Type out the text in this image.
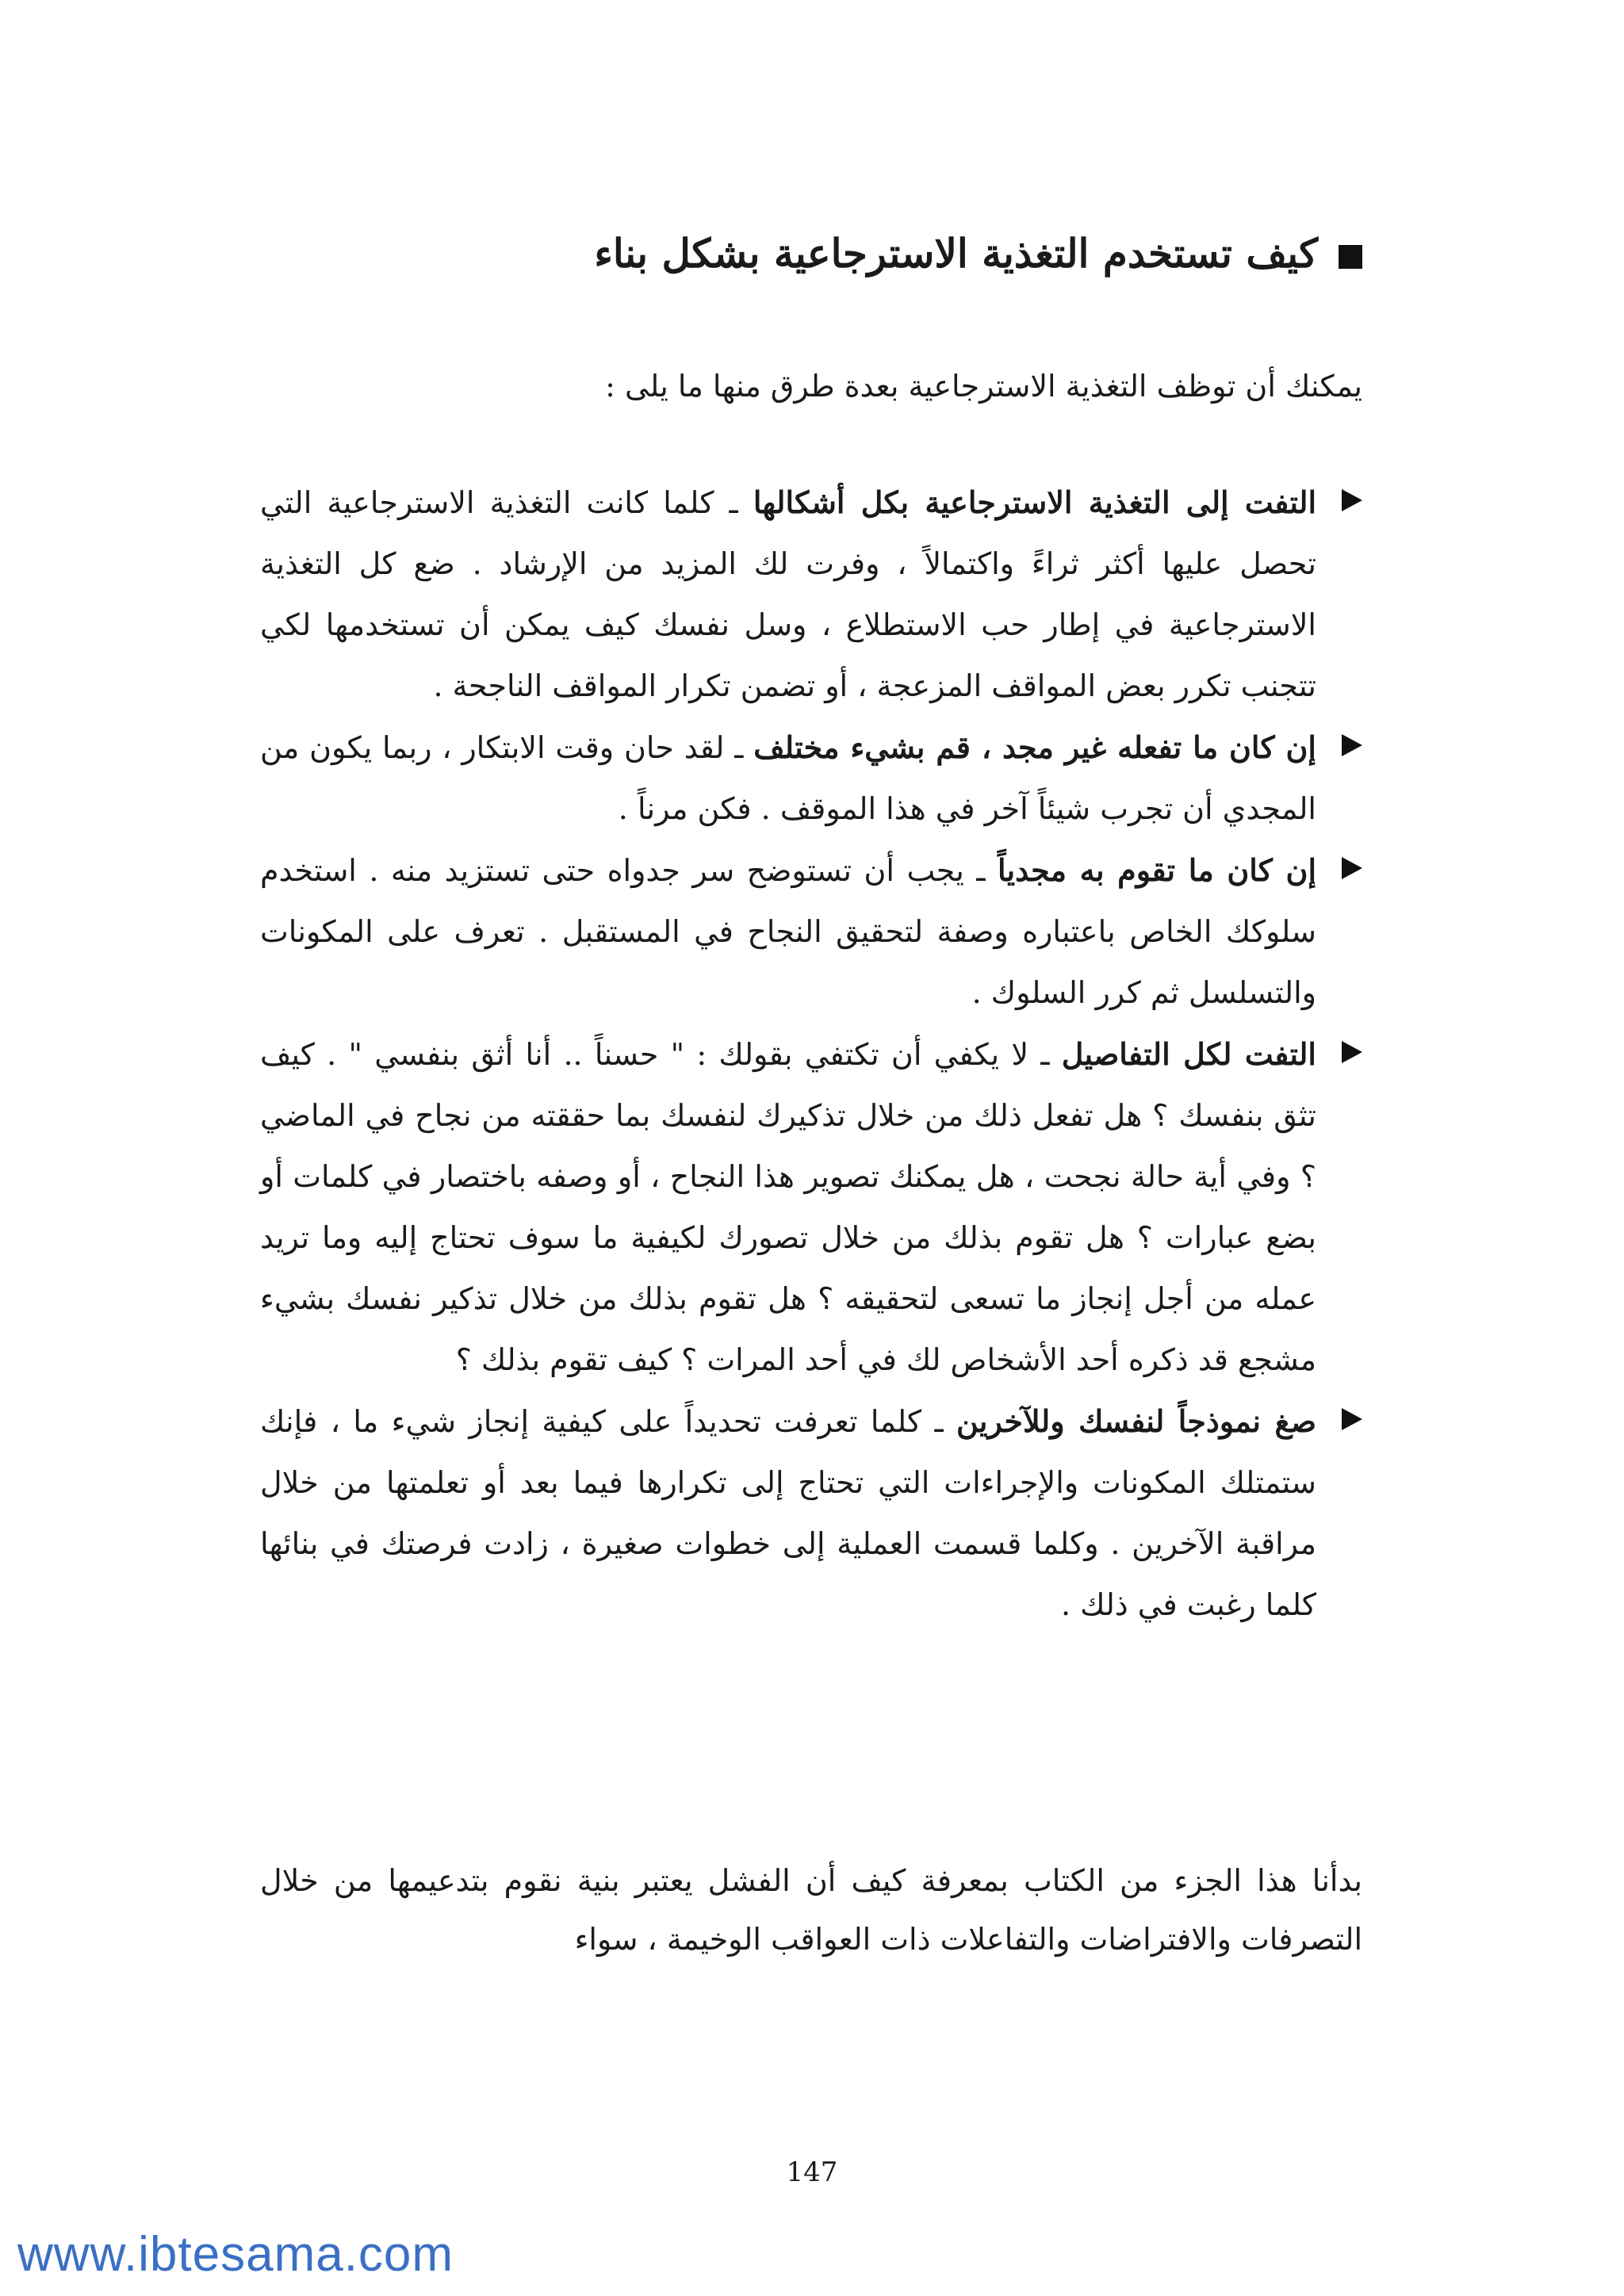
كيف تستخدم التغذية الاسترجاعية بشكل بناء
يمكنك أن توظف التغذية الاسترجاعية بعدة طرق منها ما يلى :
التفت إلى التغذية الاسترجاعية بكل أشكالها ـ كلما كانت التغذية الاسترجاعية التي تحصل عليها أكثر ثراءً واكتمالاً ، وفرت لك المزيد من الإرشاد . ضع كل التغذية الاسترجاعية في إطار حب الاستطلاع ، وسل نفسك كيف يمكن أن تستخدمها لكي تتجنب تكرر بعض المواقف المزعجة ، أو تضمن تكرار المواقف الناجحة .
إن كان ما تفعله غير مجد ، قم بشيء مختلف ـ لقد حان وقت الابتكار ، ربما يكون من المجدي أن تجرب شيئاً آخر في هذا الموقف . فكن مرناً .
إن كان ما تقوم به مجدياً ـ يجب أن تستوضح سر جدواه حتى تستزيد منه . استخدم سلوكك الخاص باعتباره وصفة لتحقيق النجاح في المستقبل . تعرف على المكونات والتسلسل ثم كرر السلوك .
التفت لكل التفاصيل ـ لا يكفي أن تكتفي بقولك : " حسناً .. أنا أثق بنفسي " . كيف تثق بنفسك ؟ هل تفعل ذلك من خلال تذكيرك لنفسك بما حققته من نجاح في الماضي ؟ وفي أية حالة نجحت ، هل يمكنك تصوير هذا النجاح ، أو وصفه باختصار في كلمات أو بضع عبارات ؟ هل تقوم بذلك من خلال تصورك لكيفية ما سوف تحتاج إليه وما تريد عمله من أجل إنجاز ما تسعى لتحقيقه ؟ هل تقوم بذلك من خلال تذكير نفسك بشيء مشجع قد ذكره أحد الأشخاص لك في أحد المرات ؟ كيف تقوم بذلك ؟
صغ نموذجاً لنفسك وللآخرين ـ كلما تعرفت تحديداً على كيفية إنجاز شيء ما ، فإنك ستمتلك المكونات والإجراءات التي تحتاج إلى تكرارها فيما بعد أو تعلمتها من خلال مراقبة الآخرين . وكلما قسمت العملية إلى خطوات صغيرة ، زادت فرصتك في بنائها كلما رغبت في ذلك .
بدأنا هذا الجزء من الكتاب بمعرفة كيف أن الفشل يعتبر بنية نقوم بتدعيمها من خلال التصرفات والافتراضات والتفاعلات ذات العواقب الوخيمة ، سواء
147
www.ibtesama.com
